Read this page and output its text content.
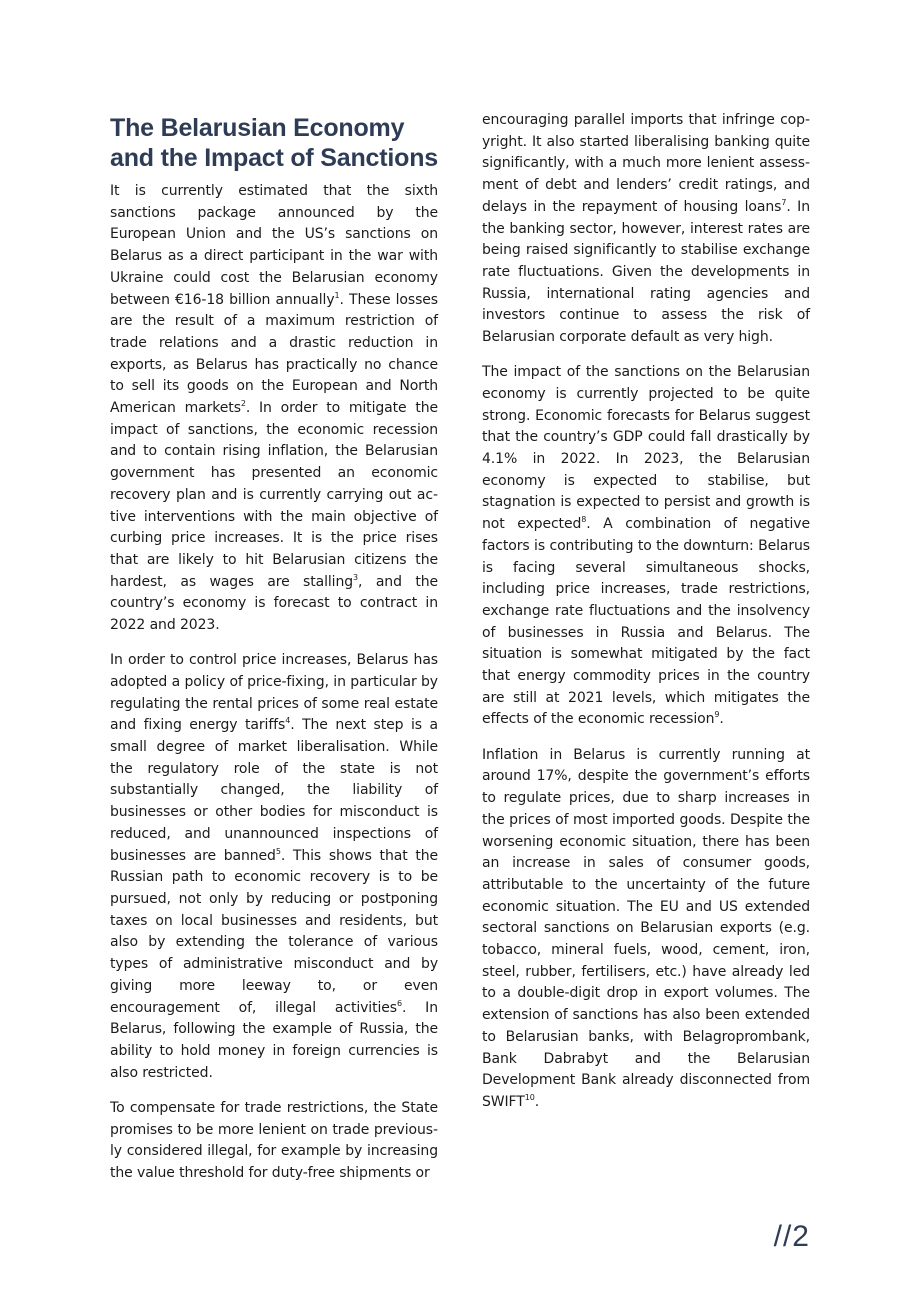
The Belarusian Economy
and the Impact of Sanctions

It is currently estimated that the sixth sanctions package announced by the European Union and the US’s sanctions on Belarus as a direct participant in the war with Ukraine could cost the Belarusian economy between €16-18 billion annually$^1$. These losses are the result of a maximum restriction of trade relations and a drastic reduction in exports, as Belarus has practically no chance to sell its goods on the European and North American markets$^2$. In order to mitigate the impact of sanctions, the economic recession and to contain rising inflation, the Belarusian government has presented an economic recovery plan and is currently carrying out active interventions with the main objective of curbing price increases. It is the price rises that are likely to hit Belarusian citizens the hardest, as wages are stalling$^3$, and the country’s economy is forecast to contract in 2022 and 2023.

In order to control price increases, Belarus has adopted a policy of price-fixing, in particular by regulating the rental prices of some real estate and fixing energy tariffs$^4$. The next step is a small degree of market liberalisation. While the regulatory role of the state is not substantially changed, the liability of businesses or other bodies for misconduct is reduced, and unannounced inspections of businesses are banned$^5$. This shows that the Russian path to economic recovery is to be pursued, not only by reducing or postponing taxes on local businesses and residents, but also by extending the tolerance of various types of administrative misconduct and by giving more leeway to, or even encouragement of, illegal activities$^6$. In Belarus, following the example of Russia, the ability to hold money in foreign currencies is also restricted.

To compensate for trade restrictions, the State promises to be more lenient on trade previously considered illegal, for example by increasing the value threshold for duty-free shipments or

encouraging parallel imports that infringe copyright. It also started liberalising banking quite significantly, with a much more lenient assessment of debt and lenders’ credit ratings, and delays in the repayment of housing loans$^7$. In the banking sector, however, interest rates are being raised significantly to stabilise exchange rate fluctuations. Given the developments in Russia, international rating agencies and investors continue to assess the risk of Belarusian corporate default as very high.

The impact of the sanctions on the Belarusian economy is currently projected to be quite strong. Economic forecasts for Belarus suggest that the country’s GDP could fall drastically by 4.1% in 2022. In 2023, the Belarusian economy is expected to stabilise, but stagnation is expected to persist and growth is not expected$^8$. A combination of negative factors is contributing to the downturn: Belarus is facing several simultaneous shocks, including price increases, trade restrictions, exchange rate fluctuations and the insolvency of businesses in Russia and Belarus. The situation is somewhat mitigated by the fact that energy commodity prices in the country are still at 2021 levels, which mitigates the effects of the economic recession$^9$.

Inflation in Belarus is currently running at around 17%, despite the government’s efforts to regulate prices, due to sharp increases in the prices of most imported goods. Despite the worsening economic situation, there has been an increase in sales of consumer goods, attributable to the uncertainty of the future economic situation. The EU and US extended sectoral sanctions on Belarusian exports (e.g. tobacco, mineral fuels, wood, cement, iron, steel, rubber, fertilisers, etc.) have already led to a double-digit drop in export volumes. The extension of sanctions has also been extended to Belarusian banks, with Belagroprombank, Bank Dabrabyt and the Belarusian Development Bank already disconnected from SWIFT$^{10}$.

//2
